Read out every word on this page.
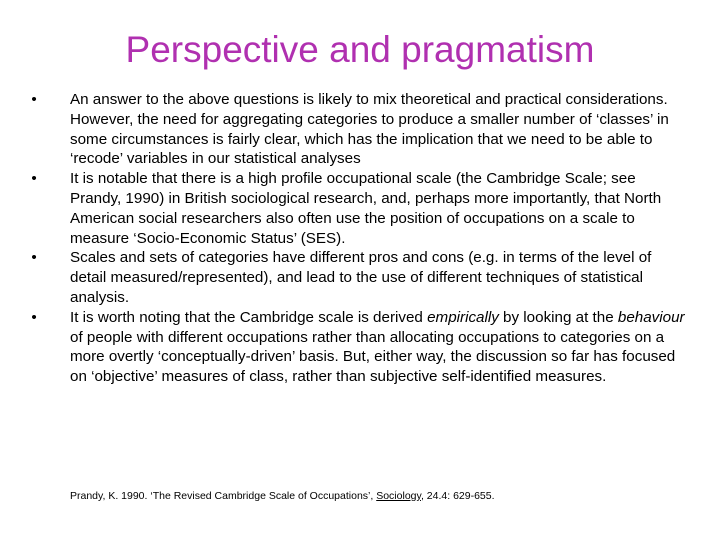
Perspective and pragmatism
•	An answer to the above questions is likely to mix theoretical and practical considerations. However, the need for aggregating categories to produce a smaller number of ‘classes’ in some circumstances is fairly clear, which has the implication that we need to be able to ‘recode’ variables in our statistical analyses
•	It is notable that there is a high profile occupational scale (the Cambridge Scale; see Prandy, 1990) in British sociological research, and, perhaps more importantly, that North American social researchers also often use the position of occupations on a scale to measure ‘Socio-Economic Status’ (SES).
•	Scales and sets of categories have different pros and cons (e.g. in terms of the level of detail measured/represented), and lead to the use of different techniques of statistical analysis.
•	It is worth noting that the Cambridge scale is derived empirically by looking at the behaviour of people with different occupations rather than allocating occupations to categories on a more overtly ‘conceptually-driven’ basis. But, either way, the discussion so far has focused on ‘objective’ measures of class, rather than subjective self-identified measures.
Prandy, K. 1990. ‘The Revised Cambridge Scale of Occupations’, Sociology, 24.4: 629-655.
